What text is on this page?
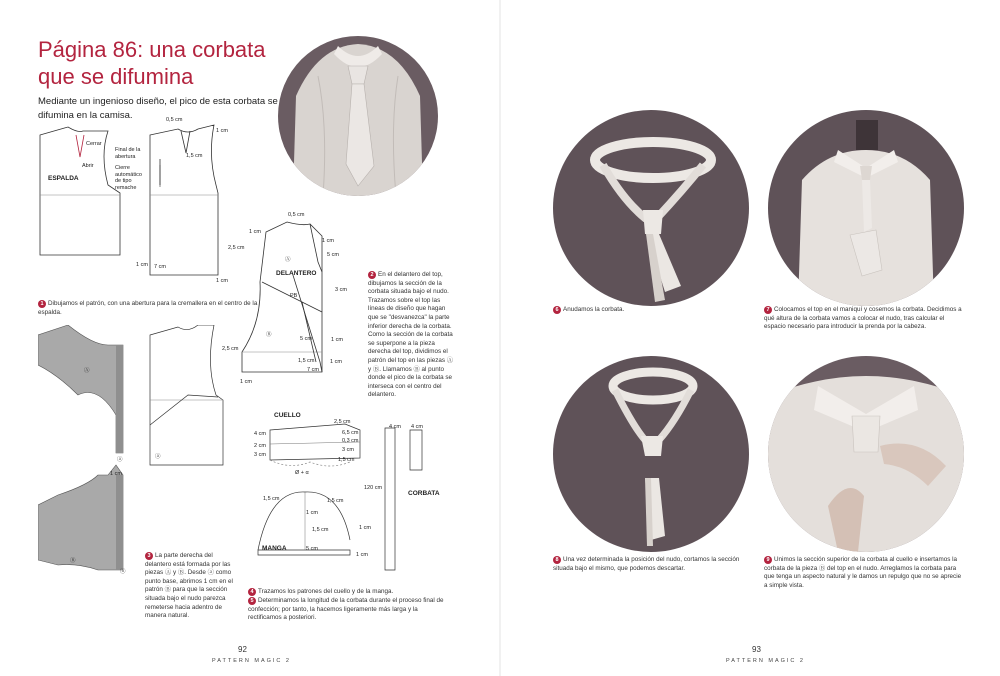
Página 86: una corbata
que se difumina
Mediante un ingenioso diseño, el pico de esta corbata se difumina en la camisa.
ESPALDA
Cerrar
Abrir
Final de la abertura
Cierre automático de tipo remache
0,5 cm
1 cm
1,5 cm
2,5 cm
1 cm 7 cm
1 cm
1 Dibujamos el patrón, con una abertura para la cremallera en el centro de la espalda.
0,5 cm
1 cm
1 cm
5 cm
Ⓐ
DELANTERO
3 cm
PB
Ⓑ
5 cm	1 cm
2,5 cm
1,5 cm	1 cm
7 cm
1 cm
2 En el delantero del top, dibujamos la sección de la corbata situada bajo el nudo. Trazamos sobre el top las líneas de diseño que hagan que se "desvanezca" la parte inferior derecha de la corbata. Como la sección de la corbata se superpone a la pieza derecha del top, dividimos el patrón del top en las piezas Ⓐ y Ⓑ. Llamamos Ⓑ al punto donde el pico de la corbata se interseca con el centro del delantero.
Ⓐ
ⓐ	ⓐ
1 cm
Ⓑ
ⓐ
3 La parte derecha del delantero está formada por las piezas Ⓐ y Ⓑ. Desde ⓐ como punto base, abrimos 1 cm en el patrón Ⓑ para que la sección situada bajo el nudo parezca remeterse hacia adentro de manera natural.
CUELLO
2,5 cm
4 cm	6,5 cm
0,3 cm
2 cm
3 cm
3 cm
1,5 cm
Ø + α
4 cm 4 cm
120 cm
CORBATA
1,5 cm	1,5 cm
1 cm
1,5 cm	1 cm
MANGA	5 cm
1 cm
4 Trazamos los patrones del cuello y de la manga.
5 Determinamos la longitud de la corbata durante el proceso final de confección; por tanto, la hacemos ligeramente más larga y la rectificamos a posteriori.
92
PATTERN MAGIC 2
6 Anudamos la corbata.	7 Colocamos el top en el maniquí y cosemos la corbata. Decidimos a qué altura de la corbata vamos a colocar el nudo, tras calcular el espacio necesario para introducir la prenda por la cabeza.
8 Una vez determinada la posición del nudo, cortamos la sección situada bajo el mismo, que podemos descartar.
9 Unimos la sección superior de la corbata al cuello e insertamos la corbata de la pieza Ⓑ del top en el nudo. Arreglamos la corbata para que tenga un aspecto natural y le damos un repulgo que no se aprecie a simple vista.
93
PATTERN MAGIC 2
